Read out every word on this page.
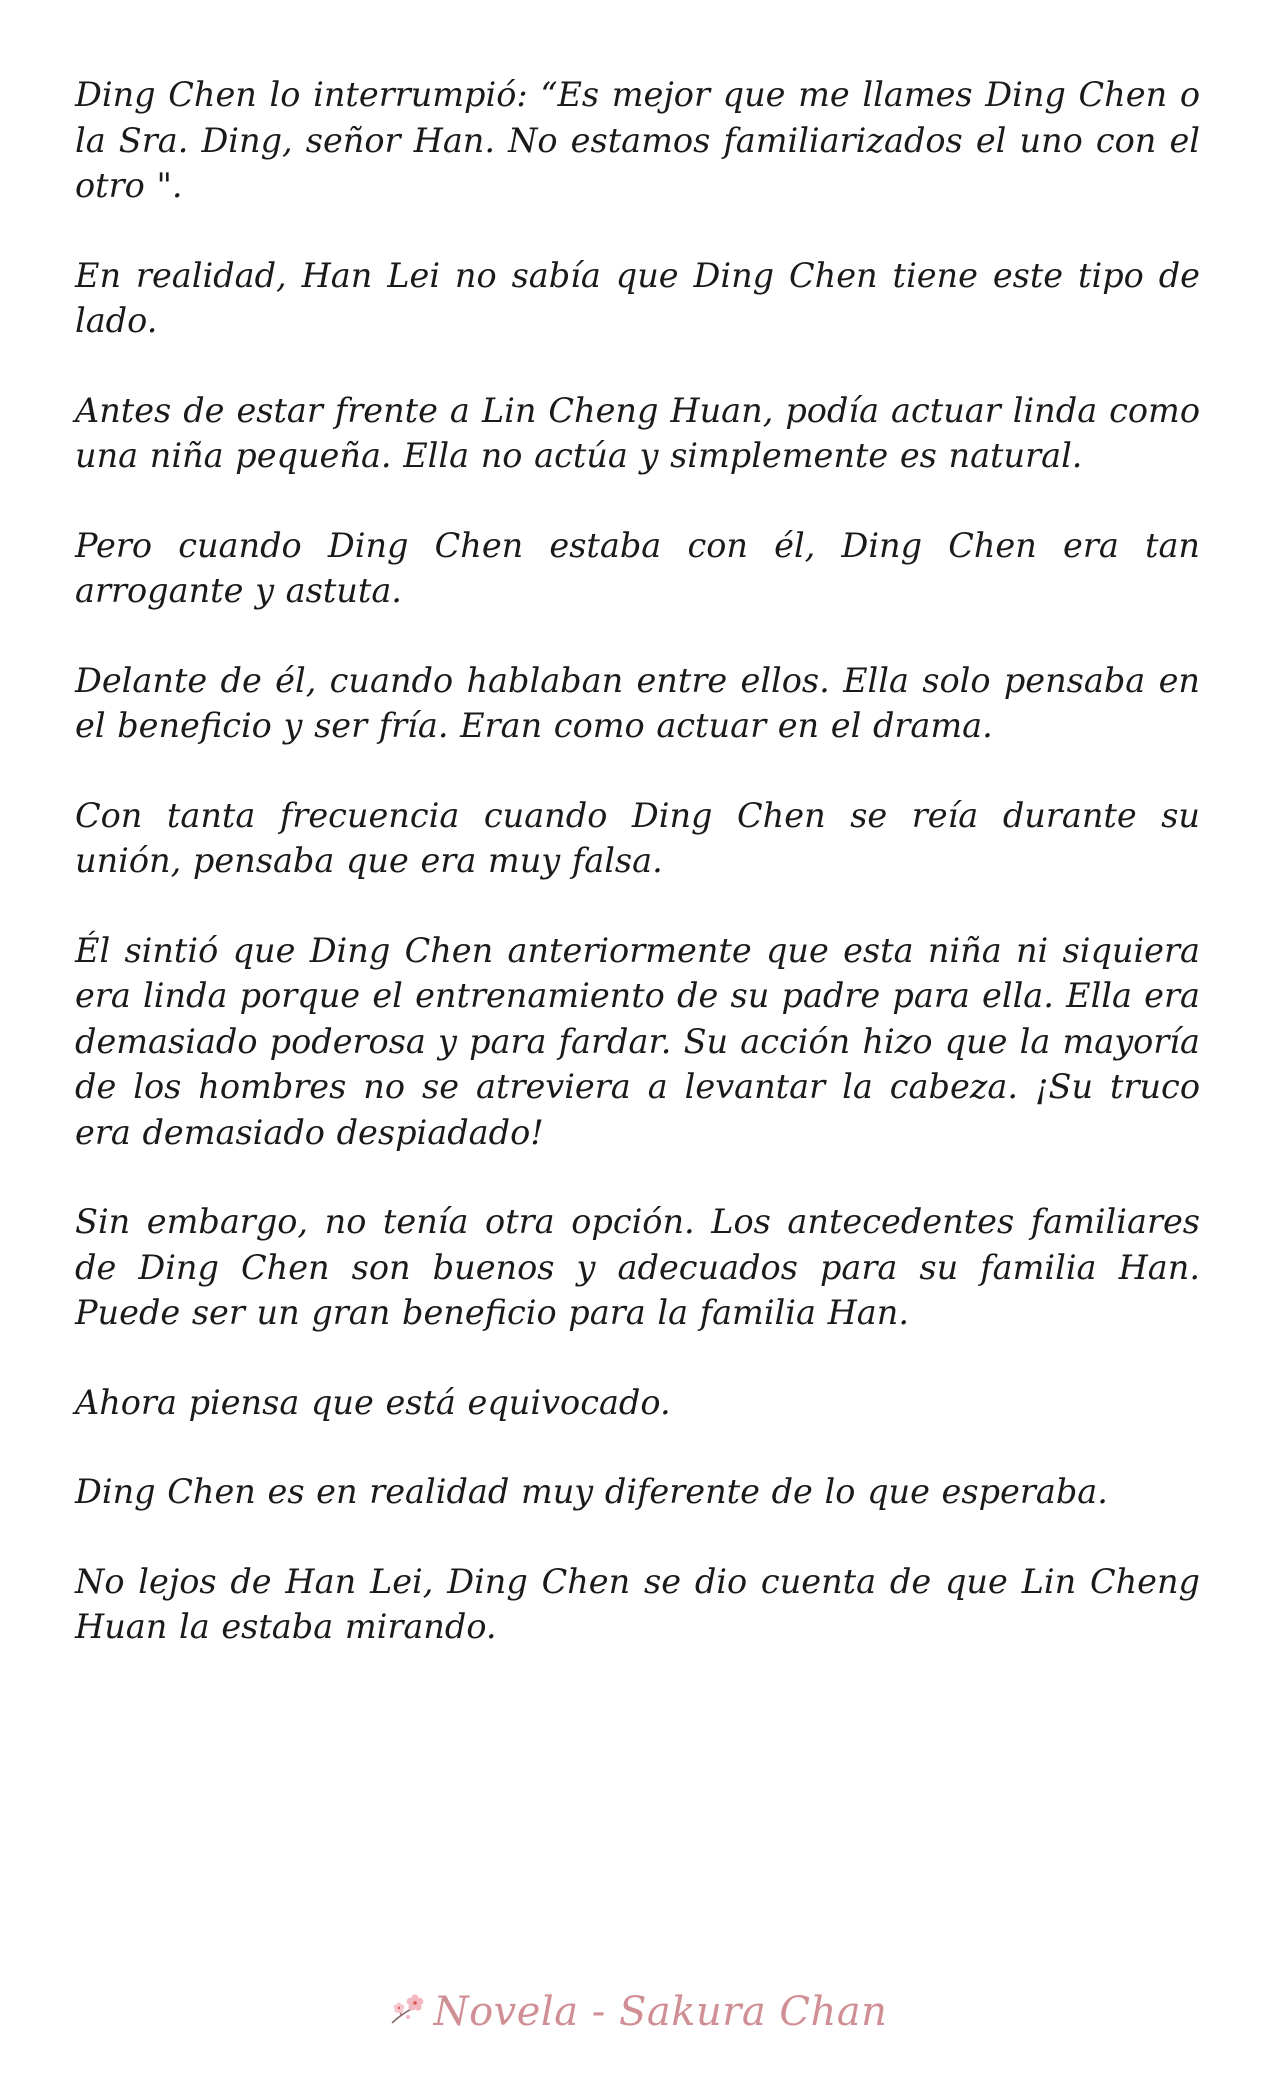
Ding Chen lo interrumpió: “Es mejor que me llames Ding Chen o la Sra. Ding, señor Han. No estamos familiarizados el uno con el otro ".

En realidad, Han Lei no sabía que Ding Chen tiene este tipo de lado.

Antes de estar frente a Lin Cheng Huan, podía actuar linda como una niña pequeña. Ella no actúa y simplemente es natural.

Pero cuando Ding Chen estaba con él, Ding Chen era tan arrogante y astuta.

Delante de él, cuando hablaban entre ellos. Ella solo pensaba en el beneficio y ser fría. Eran como actuar en el drama.

Con tanta frecuencia cuando Ding Chen se reía durante su unión, pensaba que era muy falsa.

Él sintió que Ding Chen anteriormente que esta niña ni siquiera era linda porque el entrenamiento de su padre para ella. Ella era demasiado poderosa y para fardar. Su acción hizo que la mayoría de los hombres no se atreviera a levantar la cabeza. ¡Su truco era demasiado despiadado!

Sin embargo, no tenía otra opción. Los antecedentes familiares de Ding Chen son buenos y adecuados para su familia Han. Puede ser un gran beneficio para la familia Han.

Ahora piensa que está equivocado.

Ding Chen es en realidad muy diferente de lo que esperaba.

No lejos de Han Lei, Ding Chen se dio cuenta de que Lin Cheng Huan la estaba mirando.

Novela - Sakura Chan
